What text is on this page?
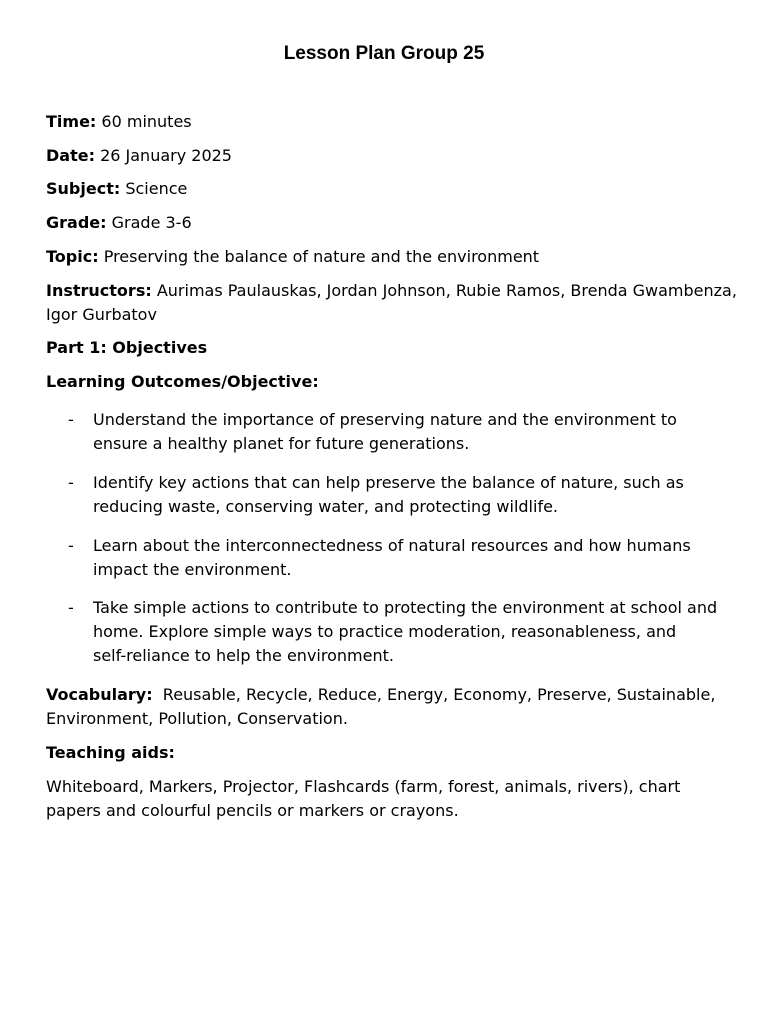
Lesson Plan Group 25
Time: 60 minutes
Date: 26 January 2025
Subject: Science
Grade: Grade 3-6
Topic: Preserving the balance of nature and the environment
Instructors: Aurimas Paulauskas, Jordan Johnson, Rubie Ramos, Brenda Gwambenza,
Igor Gurbatov
Part 1: Objectives
Learning Outcomes/Objective:
-	Understand the importance of preserving nature and the environment to
ensure a healthy planet for future generations.
-	Identify key actions that can help preserve the balance of nature, such as
reducing waste, conserving water, and protecting wildlife.
-	Learn about the interconnectedness of natural resources and how humans
impact the environment.
-	Take simple actions to contribute to protecting the environment at school and
home. Explore simple ways to practice moderation, reasonableness, and
self-reliance to help the environment.
Vocabulary: Reusable, Recycle, Reduce, Energy, Economy, Preserve, Sustainable,
Environment, Pollution, Conservation.
Teaching aids:
Whiteboard, Markers, Projector, Flashcards (farm, forest, animals, rivers), chart
papers and colourful pencils or markers or crayons.
